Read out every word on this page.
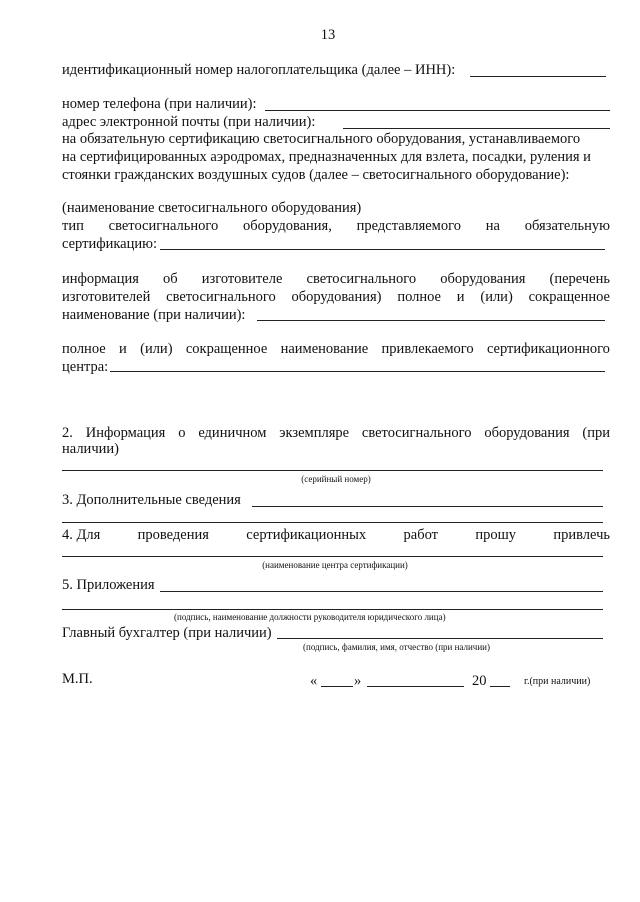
13
идентификационный номер налогоплательщика (далее – ИНН):
номер телефона (при наличии):
адрес электронной почты (при наличии):
на обязательную сертификацию светосигнального оборудования, устанавливаемого
на сертифицированных аэродромах, предназначенных для взлета, посадки, руления и
стоянки гражданских воздушных судов (далее – светосигнального оборудование):
(наименование светосигнального оборудования)
тип светосигнального оборудования, представляемого на обязательную
сертификацию:
информация об изготовителе светосигнального оборудования (перечень
изготовителей светосигнального оборудования) полное и (или) сокращенное
наименование (при наличии):
полное и (или) сокращенное наименование привлекаемого сертификационного
центра:
2. Информация о единичном экземпляре светосигнального оборудования (при
наличии)
(серийный номер)
3. Дополнительные сведения
4. Для	проведения	сертификационных	работ	прошу	привлечь
(наименование центра сертификации)
5. Приложения
(подпись, наименование должности руководителя юридического лица)
Главный бухгалтер (при наличии)
(подпись, фамилия, имя, отчество (при наличии)
М.П.	«	»	20	г.(при наличии)
